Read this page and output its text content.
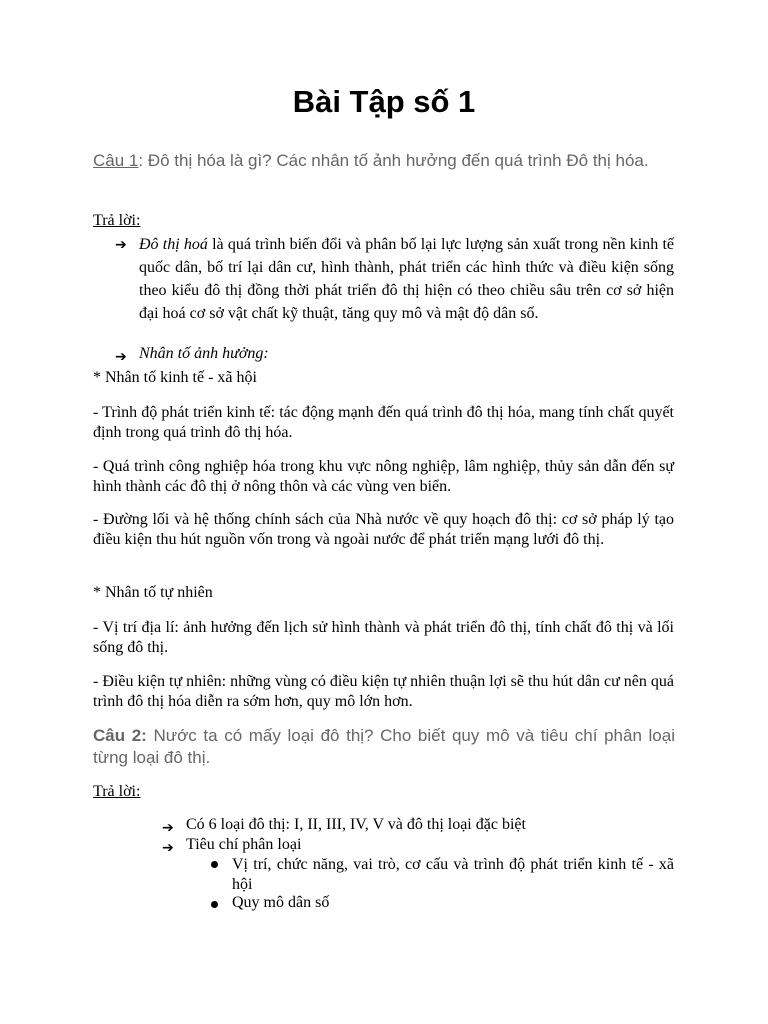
Bài Tập số 1
Câu 1: Đô thị hóa là gì? Các nhân tố ảnh hưởng đến quá trình Đô thị hóa.
Trả lời:
➔ Đô thị hoá là quá trình biến đổi và phân bố lại lực lượng sản xuất trong nền kinh tế quốc dân, bố trí lại dân cư, hình thành, phát triển các hình thức và điều kiện sống theo kiểu đô thị đồng thời phát triển đô thị hiện có theo chiều sâu trên cơ sở hiện đại hoá cơ sở vật chất kỹ thuật, tăng quy mô và mật độ dân số.
➔ Nhân tố ảnh hưởng:
* Nhân tố kinh tế - xã hội
- Trình độ phát triển kinh tế: tác động mạnh đến quá trình đô thị hóa, mang tính chất quyết định trong quá trình đô thị hóa.
- Quá trình công nghiệp hóa trong khu vực nông nghiệp, lâm nghiệp, thủy sản dẫn đến sự hình thành các đô thị ở nông thôn và các vùng ven biển.
- Đường lối và hệ thống chính sách của Nhà nước về quy hoạch đô thị: cơ sở pháp lý tạo điều kiện thu hút nguồn vốn trong và ngoài nước để phát triển mạng lưới đô thị.
* Nhân tố tự nhiên
- Vị trí địa lí: ảnh hưởng đến lịch sử hình thành và phát triển đô thị, tính chất đô thị và lối sống đô thị.
- Điều kiện tự nhiên: những vùng có điều kiện tự nhiên thuận lợi sẽ thu hút dân cư nên quá trình đô thị hóa diễn ra sớm hơn, quy mô lớn hơn.
Câu 2: Nước ta có mấy loại đô thị? Cho biết quy mô và tiêu chí phân loại từng loại đô thị.
Trả lời:
➔ Có 6 loại đô thị: I, II, III, IV, V và đô thị loại đặc biệt
➔ Tiêu chí phân loại
Vị trí, chức năng, vai trò, cơ cấu và trình độ phát triển kinh tế - xã hội
Quy mô dân số
